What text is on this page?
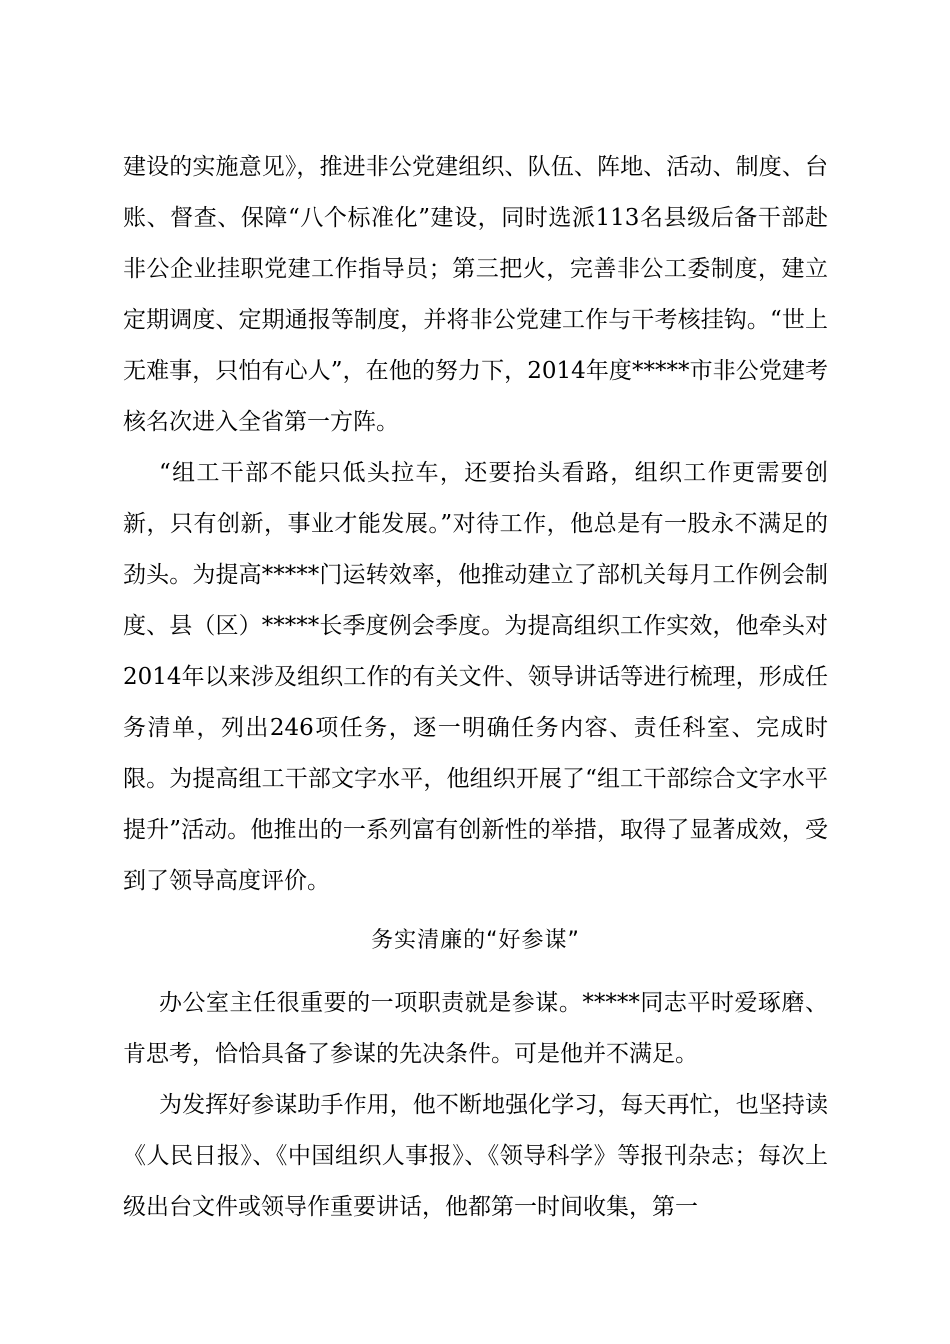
建设的实施意见》，推进非公党建组织、队伍、阵地、活动、制度、台账、督查、保障“八个标准化”建设，同时选派113名县级后备干部赴非公企业挂职党建工作指导员；第三把火，完善非公工委制度，建立定期调度、定期通报等制度，并将非公党建工作与干考核挂钩。“世上无难事，只怕有心人”，在他的努力下，2014年度*****市非公党建考核名次进入全省第一方阵。

“组工干部不能只低头拉车，还要抬头看路，组织工作更需要创新，只有创新，事业才能发展。”对待工作，他总是有一股永不满足的劲头。为提高*****门运转效率，他推动建立了部机关每月工作例会制度、县（区）*****长季度例会季度。为提高组织工作实效，他牵头对2014年以来涉及组织工作的有关文件、领导讲话等进行梳理，形成任务清单，列出246项任务，逐一明确任务内容、责任科室、完成时限。为提高组工干部文字水平，他组织开展了“组工干部综合文字水平提升”活动。他推出的一系列富有创新性的举措，取得了显著成效，受到了领导高度评价。

务实清廉的“好参谋”

办公室主任很重要的一项职责就是参谋。*****同志平时爱琢磨、肯思考，恰恰具备了参谋的先决条件。可是他并不满足。

为发挥好参谋助手作用，他不断地强化学习，每天再忙，也坚持读《人民日报》、《中国组织人事报》、《领导科学》等报刊杂志；每次上级出台文件或领导作重要讲话，他都第一时间收集，第一
